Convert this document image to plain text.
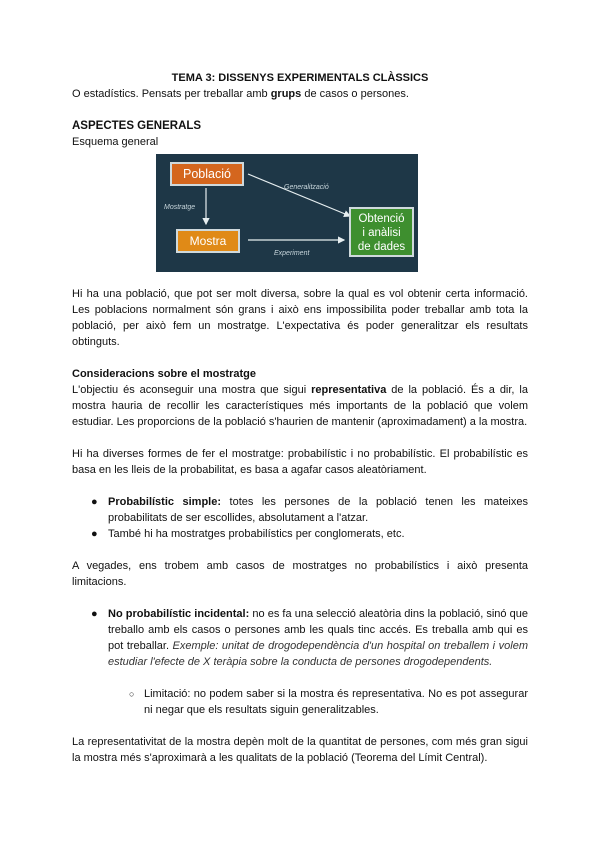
TEMA 3: DISSENYS EXPERIMENTALS CLÀSSICS

O estadístics. Pensats per treballar amb grups de casos o persones.

ASPECTES GENERALS

Esquema general

Població
Mostra
Obtenció
i anàlisi
de dades
Mostratge
Generalització
Experiment

Hi ha una població, que pot ser molt diversa, sobre la qual es vol obtenir certa informació. Les poblacions normalment són grans i això ens impossibilita poder treballar amb tota la població, per això fem un mostratge. L'expectativa és poder generalitzar els resultats obtinguts.

Consideracions sobre el mostratge

L'objectiu és aconseguir una mostra que sigui representativa de la població. És a dir, la mostra hauria de recollir les característiques més importants de la població que volem estudiar. Les proporcions de la població s'haurien de mantenir (aproximadament) a la mostra.

Hi ha diverses formes de fer el mostratge: probabilístic i no probabilístic. El probabilístic es basa en les lleis de la probabilitat, es basa a agafar casos aleatòriament.

● Probabilístic simple: totes les persones de la població tenen les mateixes probabilitats de ser escollides, absolutament a l'atzar.
● També hi ha mostratges probabilístics per conglomerats, etc.

A vegades, ens trobem amb casos de mostratges no probabilístics i això presenta limitacions.

● No probabilístic incidental: no es fa una selecció aleatòria dins la població, sinó que treballo amb els casos o persones amb les quals tinc accés. Es treballa amb qui es pot treballar. Exemple: unitat de drogodependència d'un hospital on treballem i volem estudiar l'efecte de X teràpia sobre la conducta de persones drogodependents.
○ Limitació: no podem saber si la mostra és representativa. No es pot assegurar ni negar que els resultats siguin generalitzables.

La representativitat de la mostra depèn molt de la quantitat de persones, com més gran sigui la mostra més s'aproximarà a les qualitats de la població (Teorema del Límit Central).
